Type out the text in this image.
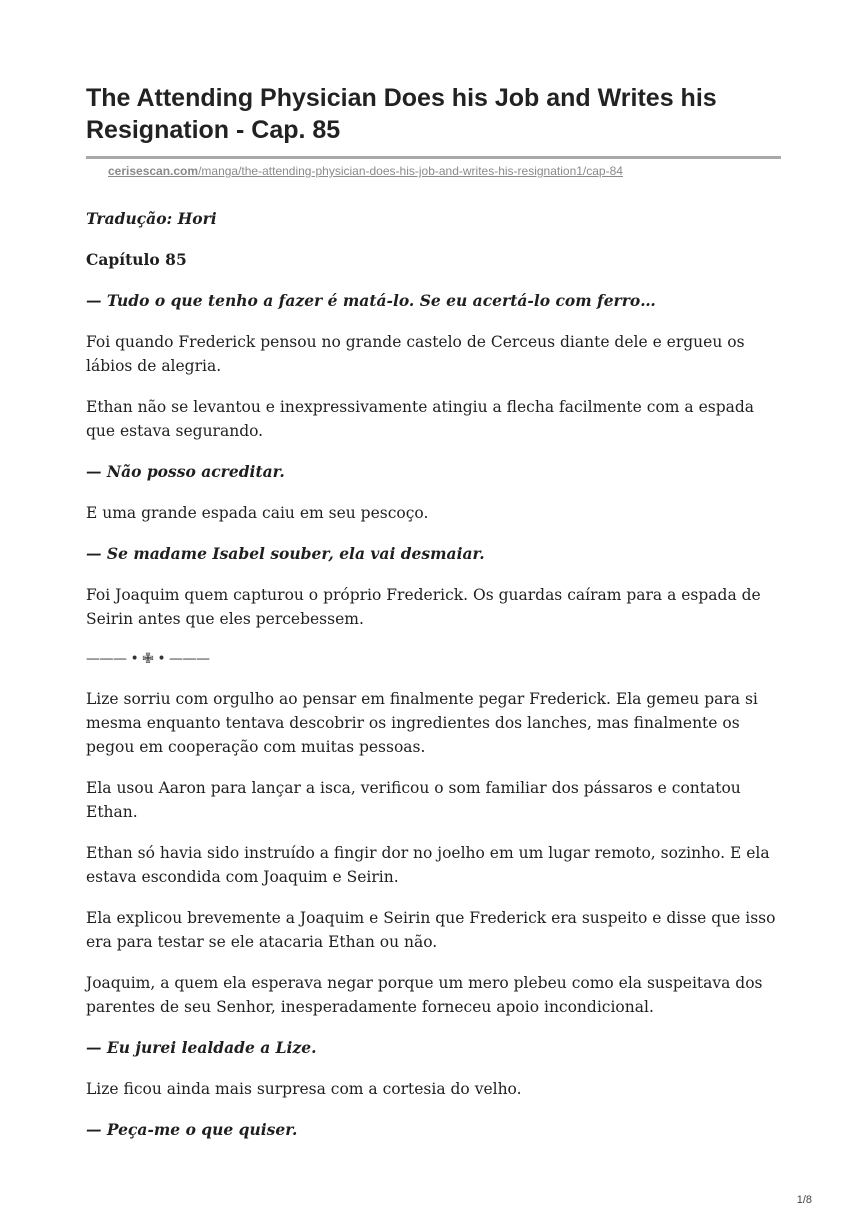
The Attending Physician Does his Job and Writes his Resignation - Cap. 85
cerisescan.com/manga/the-attending-physician-does-his-job-and-writes-his-resignation1/cap-84

Tradução: Hori

Capítulo 85

— Tudo o que tenho a fazer é matá-lo. Se eu acertá-lo com ferro…

Foi quando Frederick pensou no grande castelo de Cerceus diante dele e ergueu os lábios de alegria.

Ethan não se levantou e inexpressivamente atingiu a flecha facilmente com a espada que estava segurando.

— Não posso acreditar.

E uma grande espada caiu em seu pescoço.

— Se madame Isabel souber, ela vai desmaiar.

Foi Joaquim quem capturou o próprio Frederick. Os guardas caíram para a espada de Seirin antes que eles percebessem.

——— • ✙ • ———

Lize sorriu com orgulho ao pensar em finalmente pegar Frederick. Ela gemeu para si mesma enquanto tentava descobrir os ingredientes dos lanches, mas finalmente os pegou em cooperação com muitas pessoas.

Ela usou Aaron para lançar a isca, verificou o som familiar dos pássaros e contatou Ethan.

Ethan só havia sido instruído a fingir dor no joelho em um lugar remoto, sozinho. E ela estava escondida com Joaquim e Seirin.

Ela explicou brevemente a Joaquim e Seirin que Frederick era suspeito e disse que isso era para testar se ele atacaria Ethan ou não.

Joaquim, a quem ela esperava negar porque um mero plebeu como ela suspeitava dos parentes de seu Senhor, inesperadamente forneceu apoio incondicional.

— Eu jurei lealdade a Lize.

Lize ficou ainda mais surpresa com a cortesia do velho.

— Peça-me o que quiser.

1/8
